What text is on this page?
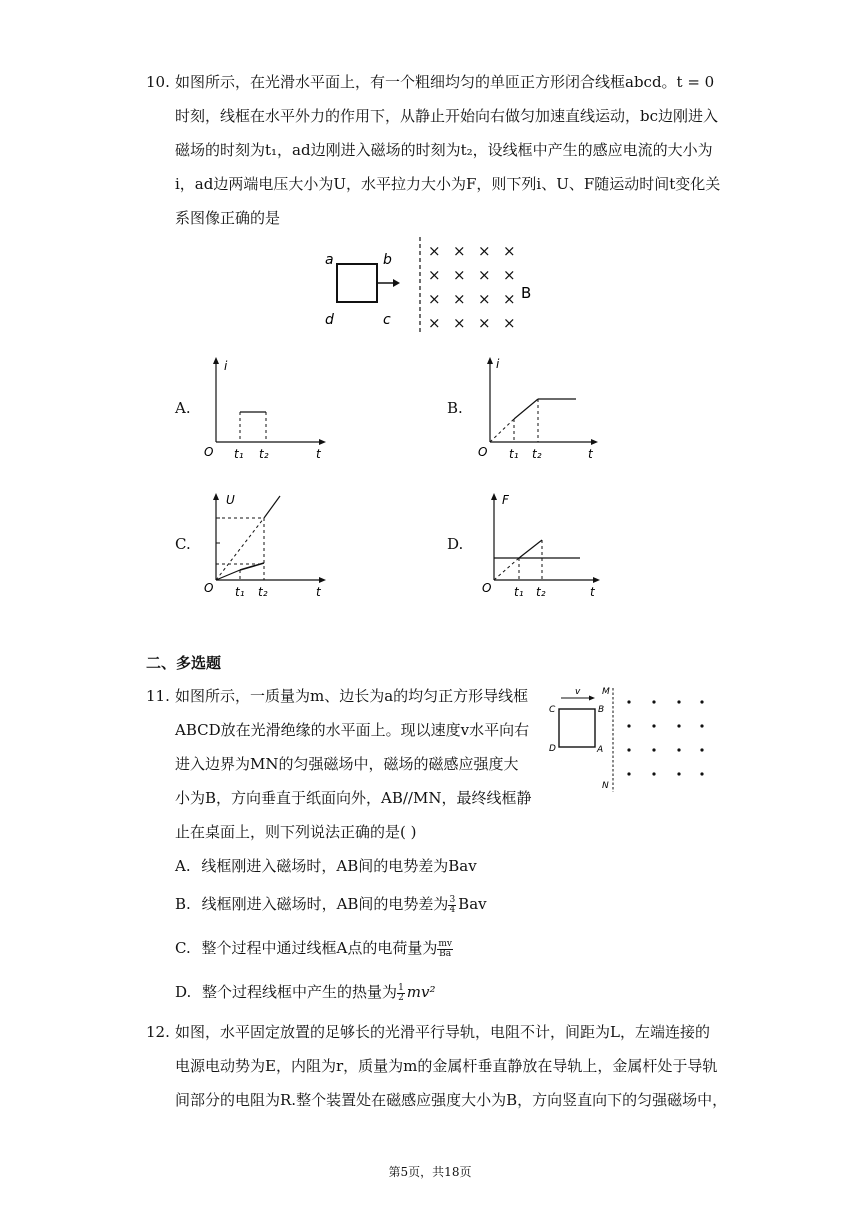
10. 如图所示，在光滑水平面上，有一个粗细均匀的单匝正方形闭合线框abcd。t = 0
时刻，线框在水平外力的作用下，从静止开始向右做匀加速直线运动，bc边刚进入
磁场的时刻为t₁，ad边刚进入磁场的时刻为t₂，设线框中产生的感应电流的大小为
i，ad边两端电压大小为U，水平拉力大小为F，则下列i、U、F随运动时间t变化关
系图像正确的是
a	b
c
d
× × × ×
× × × ×
× × × ×
× × × ×
B
A.
i
t
O t₁ t₂
B.
i
t
O t₁ t₂
C.
U
t
O t₁ t₂
D.
F
t
O t₁ t₂
二、多选题
11. 如图所示，一质量为m、边长为a的均匀正方形导线框
ABCD放在光滑绝缘的水平面上。现以速度v水平向右
进入边界为MN的匀强磁场中，磁场的磁感应强度大
小为B，方向垂直于纸面向外，AB//MN，最终线框静
止在桌面上，则下列说法正确的是( )
v
C	B
D	A
M
N
A. 线框刚进入磁场时，AB间的电势差为Bav
B. 线框刚进入磁场时，AB间的电势差为 $\frac{3}{4}$ Bav
C. 整个过程中通过线框A点的电荷量为 $\frac{mv}{Ba}$
D. 整个过程线框中产生的热量为 $\frac{1}{2} mv^2$
12. 如图，水平固定放置的足够长的光滑平行导轨，电阻不计，间距为L，左端连接的
电源电动势为E，内阻为r，质量为m的金属杆垂直静放在导轨上，金属杆处于导轨
间部分的电阻为R.整个装置处在磁感应强度大小为B，方向竖直向下的匀强磁场中，
第5页，共18页
